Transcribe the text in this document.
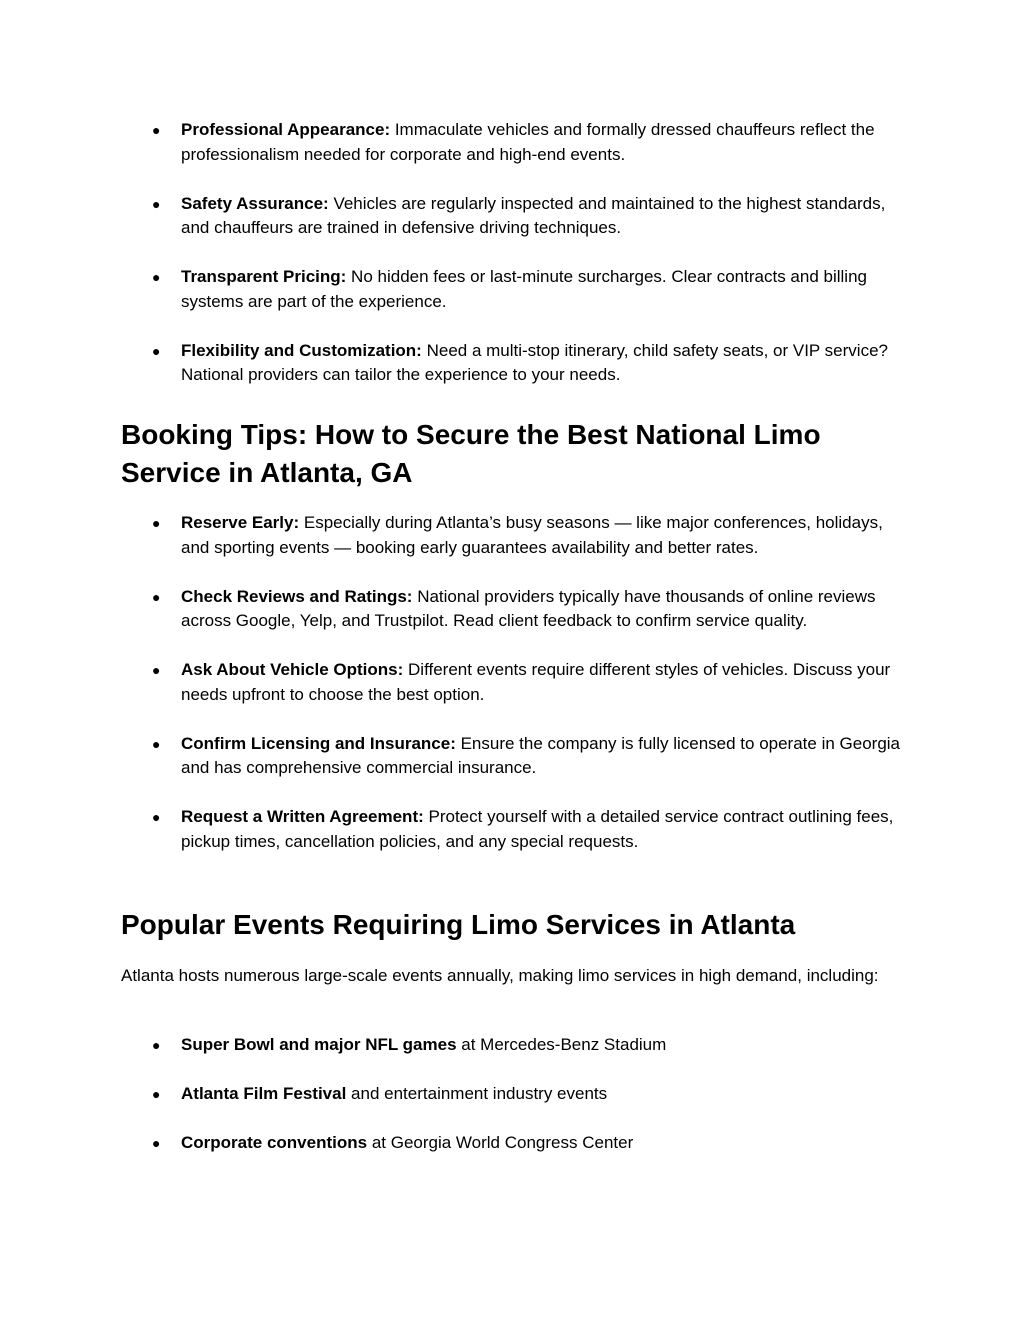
● Professional Appearance: Immaculate vehicles and formally dressed chauffeurs reflect the professionalism needed for corporate and high-end events.
● Safety Assurance: Vehicles are regularly inspected and maintained to the highest standards, and chauffeurs are trained in defensive driving techniques.
● Transparent Pricing: No hidden fees or last-minute surcharges. Clear contracts and billing systems are part of the experience.
● Flexibility and Customization: Need a multi-stop itinerary, child safety seats, or VIP service? National providers can tailor the experience to your needs.
Booking Tips: How to Secure the Best National Limo Service in Atlanta, GA
● Reserve Early: Especially during Atlanta’s busy seasons — like major conferences, holidays, and sporting events — booking early guarantees availability and better rates.
● Check Reviews and Ratings: National providers typically have thousands of online reviews across Google, Yelp, and Trustpilot. Read client feedback to confirm service quality.
● Ask About Vehicle Options: Different events require different styles of vehicles. Discuss your needs upfront to choose the best option.
● Confirm Licensing and Insurance: Ensure the company is fully licensed to operate in Georgia and has comprehensive commercial insurance.
● Request a Written Agreement: Protect yourself with a detailed service contract outlining fees, pickup times, cancellation policies, and any special requests.
Popular Events Requiring Limo Services in Atlanta

Atlanta hosts numerous large-scale events annually, making limo services in high demand, including:

● Super Bowl and major NFL games at Mercedes-Benz Stadium
● Atlanta Film Festival and entertainment industry events
● Corporate conventions at Georgia World Congress Center
